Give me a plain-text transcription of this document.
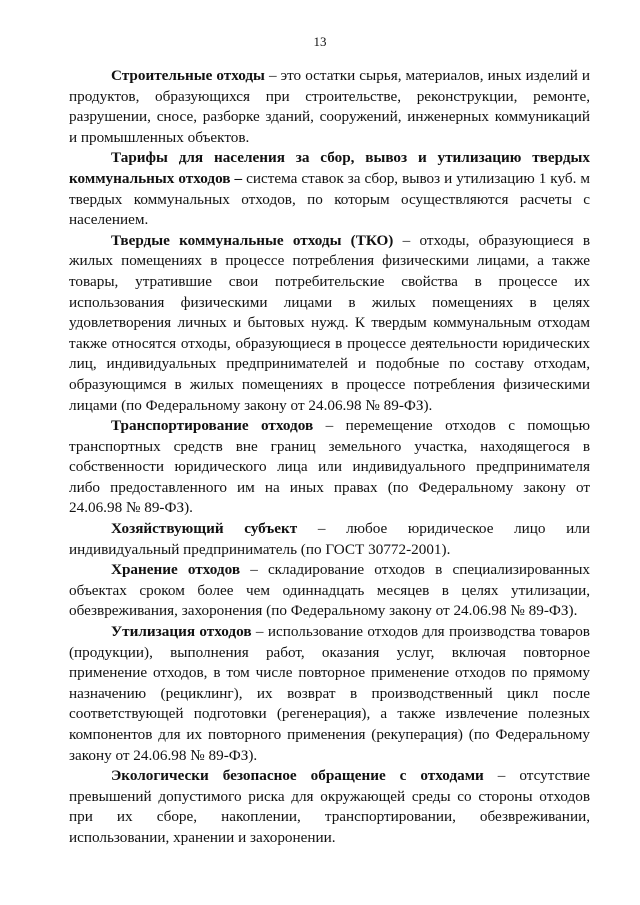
13

Строительные отходы – это остатки сырья, материалов, иных изделий и продуктов, образующихся при строительстве, реконструкции, ремонте, разрушении, сносе, разборке зданий, сооружений, инженерных коммуникаций и промышленных объектов.

Тарифы для населения за сбор, вывоз и утилизацию твердых коммунальных отходов – система ставок за сбор, вывоз и утилизацию 1 куб. м твердых коммунальных отходов, по которым осуществляются расчеты с населением.

Твердые коммунальные отходы (ТКО) – отходы, образующиеся в жилых помещениях в процессе потребления физическими лицами, а также товары, утратившие свои потребительские свойства в процессе их использования физическими лицами в жилых помещениях в целях удовлетворения личных и бытовых нужд. К твердым коммунальным отходам также относятся отходы, образующиеся в процессе деятельности юридических лиц, индивидуальных предпринимателей и подобные по составу отходам, образующимся в жилых помещениях в процессе потребления физическими лицами (по Федеральному закону от 24.06.98 № 89-ФЗ).

Транспортирование отходов – перемещение отходов с помощью транспортных средств вне границ земельного участка, находящегося в собственности юридического лица или индивидуального предпринимателя либо предоставленного им на иных правах (по Федеральному закону от 24.06.98 № 89-ФЗ).

Хозяйствующий субъект – любое юридическое лицо или индивидуальный предприниматель (по ГОСТ 30772-2001).

Хранение отходов – складирование отходов в специализированных объектах сроком более чем одиннадцать месяцев в целях утилизации, обезвреживания, захоронения (по Федеральному закону от 24.06.98 № 89-ФЗ).

Утилизация отходов – использование отходов для производства товаров (продукции), выполнения работ, оказания услуг, включая повторное применение отходов, в том числе повторное применение отходов по прямому назначению (рециклинг), их возврат в производственный цикл после соответствующей подготовки (регенерация), а также извлечение полезных компонентов для их повторного применения (рекуперация) (по Федеральному закону от 24.06.98 № 89-ФЗ).

Экологически безопасное обращение с отходами – отсутствие превышений допустимого риска для окружающей среды со стороны отходов при их сборе, накоплении, транспортировании, обезвреживании, использовании, хранении и захоронении.
